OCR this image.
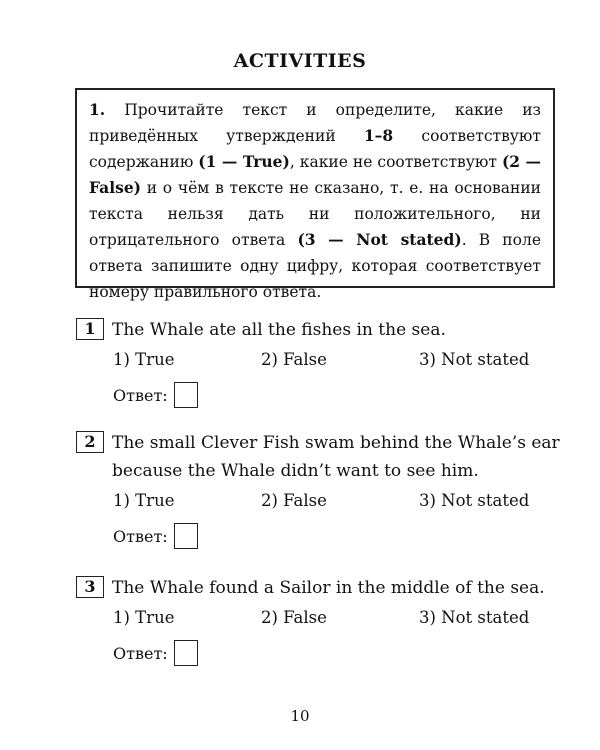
ACTIVITIES
1. Прочитайте текст и определите, какие из приведённых утверждений 1–8 соответствуют содержанию (1 — True), какие не соответствуют (2 — False) и о чём в тексте не сказано, т. е. на основании текста нельзя дать ни положительного, ни отрицательного ответа (3 — Not stated). В поле ответа запишите одну цифру, которая соответствует номеру правильного ответа.
1 The Whale ate all the fishes in the sea.
1) True	2) False	3) Not stated
Ответ:
2 The small Clever Fish swam behind the Whale’s ear because the Whale didn’t want to see him.
1) True	2) False	3) Not stated
Ответ:
3 The Whale found a Sailor in the middle of the sea.
1) True	2) False	3) Not stated
Ответ:
10
